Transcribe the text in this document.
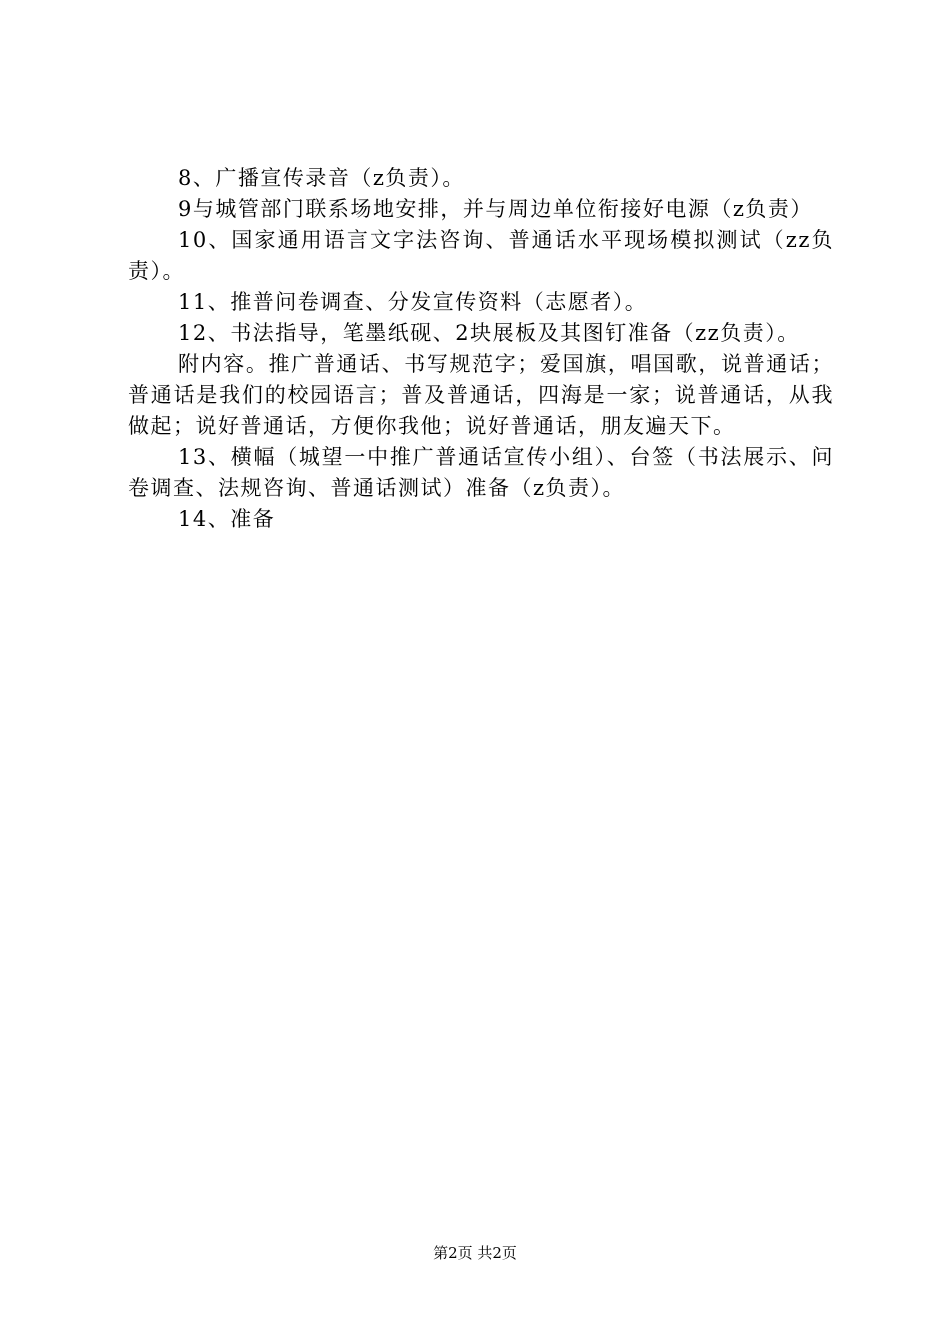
8、广播宣传录音（z负责）。

9与城管部门联系场地安排，并与周边单位衔接好电源（z负责）

10、国家通用语言文字法咨询、普通话水平现场模拟测试（zz负责）。

11、推普问卷调查、分发宣传资料（志愿者）。

12、书法指导，笔墨纸砚、2块展板及其图钉准备（zz负责）。

附内容。推广普通话、书写规范字；爱国旗，唱国歌，说普通话；普通话是我们的校园语言；普及普通话，四海是一家；说普通话，从我做起；说好普通话，方便你我他；说好普通话，朋友遍天下。

13、横幅（城望一中推广普通话宣传小组）、台签（书法展示、问卷调查、法规咨询、普通话测试）准备（z负责）。

14、准备

第2页 共2页
